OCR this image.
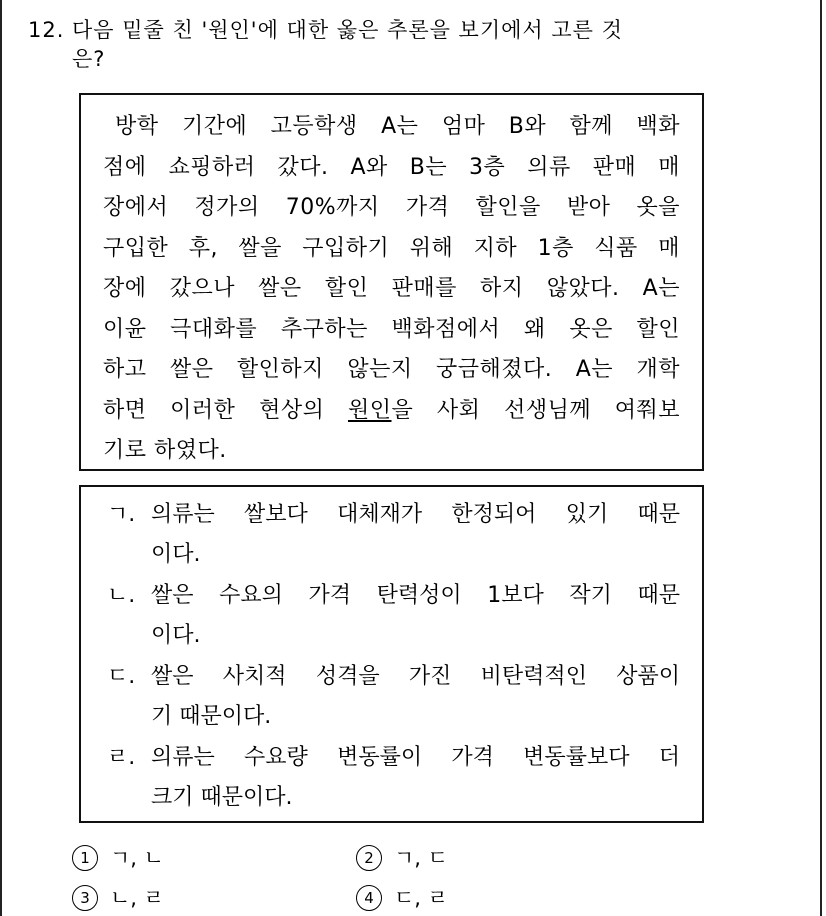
12. 다음 밑줄 친 '원인'에 대한 옳은 추론을 보기에서 고른 것
은?
방학 기간에 고등학생 A는 엄마 B와 함께 백화
점에 쇼핑하러 갔다. A와 B는 3층 의류 판매 매
장에서 정가의 70%까지 가격 할인을 받아 옷을
구입한 후, 쌀을 구입하기 위해 지하 1층 식품 매
장에 갔으나 쌀은 할인 판매를 하지 않았다. A는
이윤 극대화를 추구하는 백화점에서 왜 옷은 할인
하고 쌀은 할인하지 않는지 궁금해졌다. A는 개학
하면 이러한 현상의 원인을 사회 선생님께 여쭤보
기로 하였다.
ㄱ. 의류는 쌀보다 대체재가 한정되어 있기 때문
이다.
ㄴ. 쌀은 수요의 가격 탄력성이 1보다 작기 때문
이다.
ㄷ. 쌀은 사치적 성격을 가진 비탄력적인 상품이
기 때문이다.
ㄹ. 의류는 수요량 변동률이 가격 변동률보다 더
크기 때문이다.
1 ㄱ, ㄴ	2 ㄱ, ㄷ
3 ㄴ, ㄹ	4 ㄷ, ㄹ
